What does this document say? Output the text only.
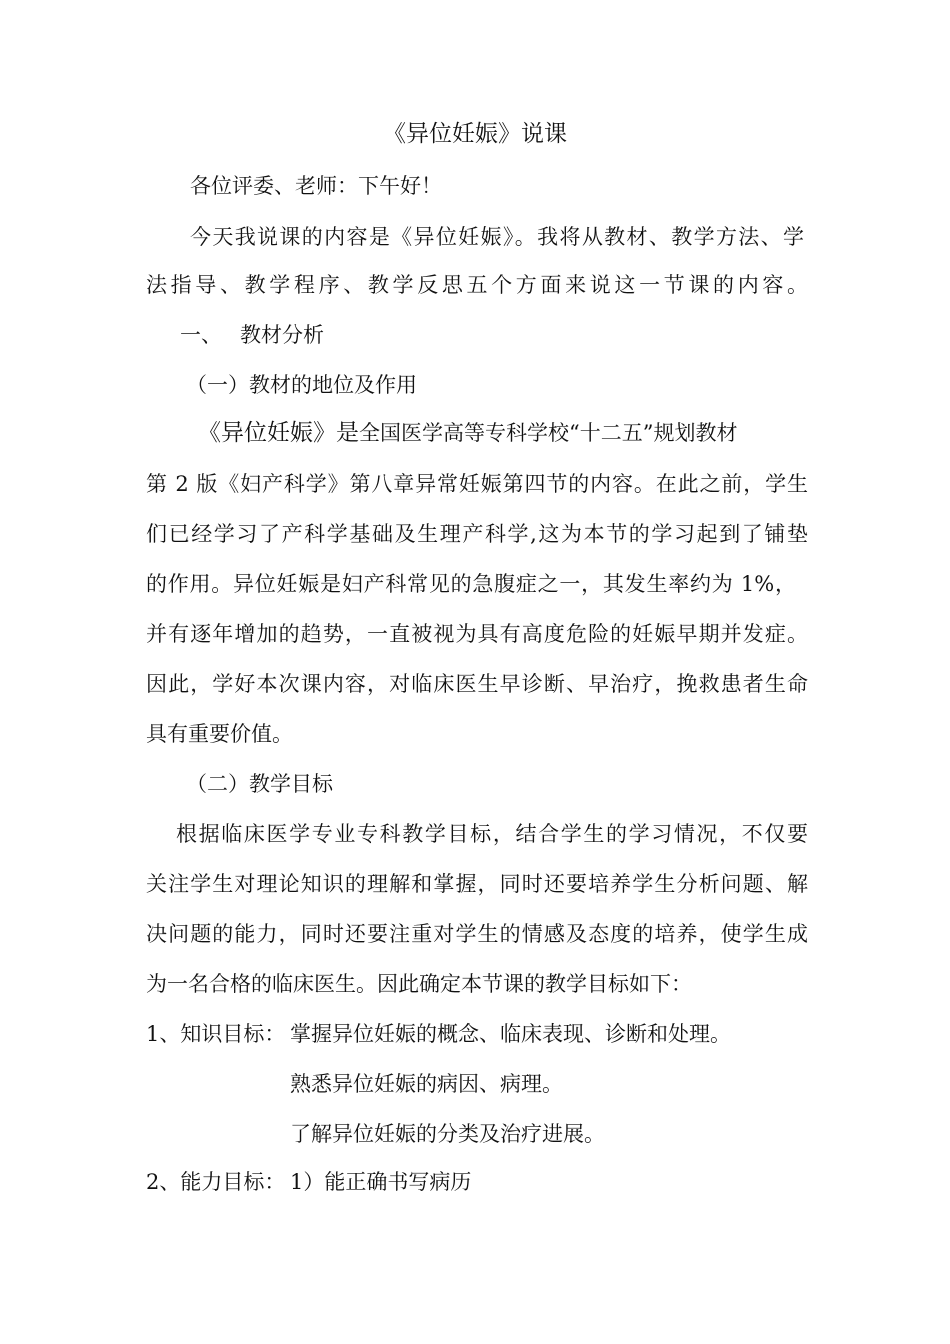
《异位妊娠》说课
各位评委、老师：下午好！
今天我说课的内容是《异位妊娠》。我将从教材、教学方法、学
法指导、教学程序、教学反思五个方面来说这一节课的内容。
一、 教材分析
（一）教材的地位及作用
《异位妊娠》是全国医学高等专科学校“十二五”规划教材
第 2 版《妇产科学》第八章异常妊娠第四节的内容。在此之前，学生
们已经学习了产科学基础及生理产科学,这为本节的学习起到了铺垫
的作用。异位妊娠是妇产科常见的急腹症之一，其发生率约为 1%，
并有逐年增加的趋势，一直被视为具有高度危险的妊娠早期并发症。
因此，学好本次课内容，对临床医生早诊断、早治疗，挽救患者生命
具有重要价值。
（二）教学目标
根据临床医学专业专科教学目标，结合学生的学习情况，不仅要
关注学生对理论知识的理解和掌握，同时还要培养学生分析问题、解
决问题的能力，同时还要注重对学生的情感及态度的培养，使学生成
为一名合格的临床医生。因此确定本节课的教学目标如下：
1、知识目标： 掌握异位妊娠的概念、临床表现、诊断和处理。
熟悉异位妊娠的病因、病理。
了解异位妊娠的分类及治疗进展。
2、能力目标： 1）能正确书写病历
